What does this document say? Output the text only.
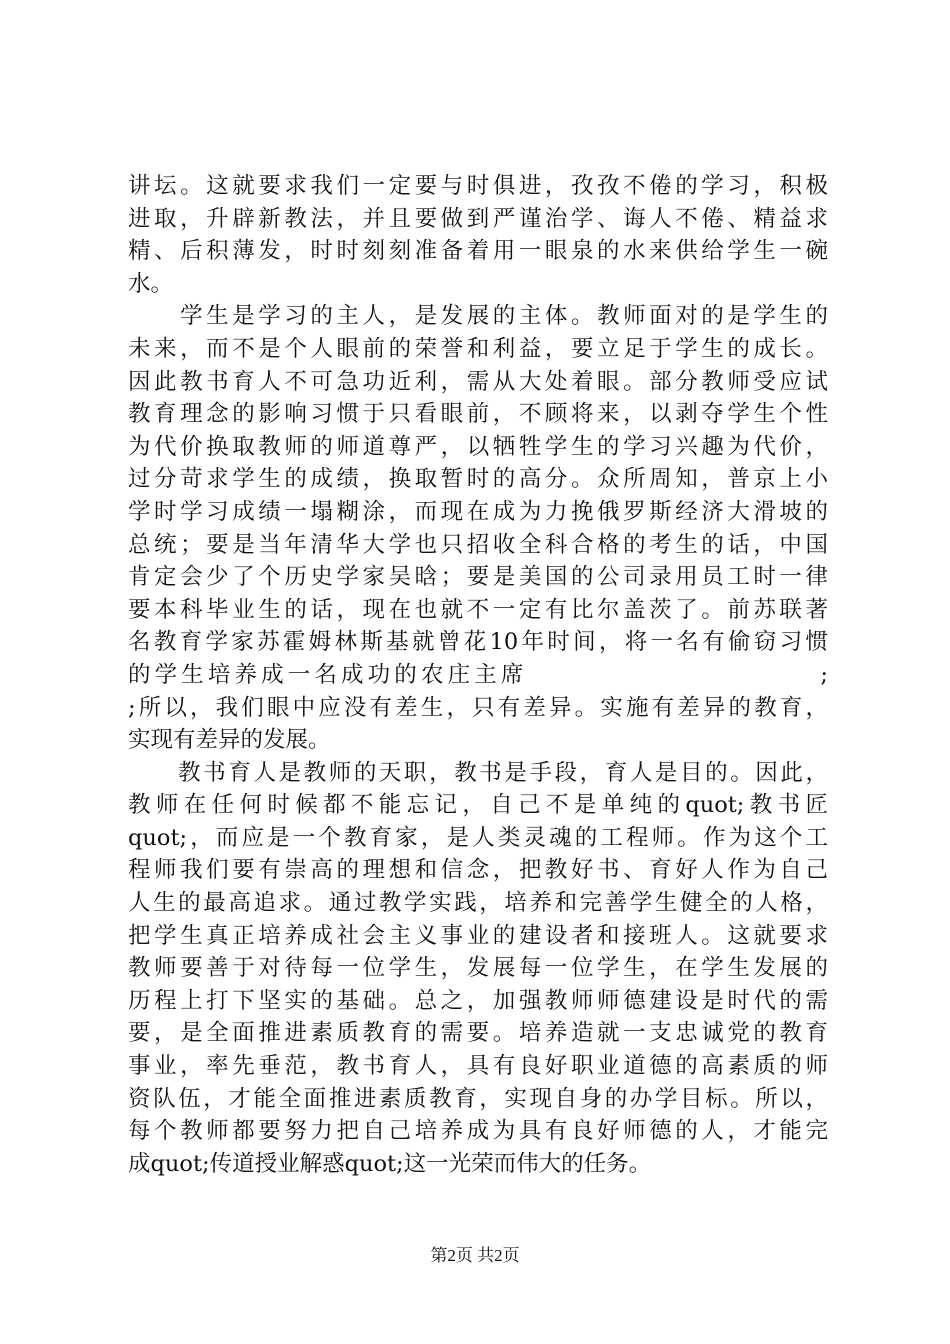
讲坛。这就要求我们一定要与时俱进，孜孜不倦的学习，积极
进取，升辟新教法，并且要做到严谨治学、诲人不倦、精益求
精、后积薄发，时时刻刻准备着用一眼泉的水来供给学生一碗
水。
　　学生是学习的主人，是发展的主体。教师面对的是学生的
未来，而不是个人眼前的荣誉和利益，要立足于学生的成长。
因此教书育人不可急功近利，需从大处着眼。部分教师受应试
教育理念的影响习惯于只看眼前，不顾将来，以剥夺学生个性
为代价换取教师的师道尊严，以牺牲学生的学习兴趣为代价，
过分苛求学生的成绩，换取暂时的高分。众所周知，普京上小
学时学习成绩一塌糊涂，而现在成为力挽俄罗斯经济大滑坡的
总统；要是当年清华大学也只招收全科合格的考生的话，中国
肯定会少了个历史学家吴晗；要是美国的公司录用员工时一律
要本科毕业生的话，现在也就不一定有比尔盖茨了。前苏联著
名教育学家苏霍姆林斯基就曾花10年时间，将一名有偷窃习惯
的学生培养成一名成功的农庄主席　　　　　　　　　　　;
;所以，我们眼中应没有差生，只有差异。实施有差异的教育，
实现有差异的发展。
　　教书育人是教师的天职，教书是手段，育人是目的。因此，
教师在任何时候都不能忘记，自己不是单纯的quot;教书匠
quot;，而应是一个教育家，是人类灵魂的工程师。作为这个工
程师我们要有崇高的理想和信念，把教好书、育好人作为自己
人生的最高追求。通过教学实践，培养和完善学生健全的人格，
把学生真正培养成社会主义事业的建设者和接班人。这就要求
教师要善于对待每一位学生，发展每一位学生，在学生发展的
历程上打下坚实的基础。总之，加强教师师德建设是时代的需
要，是全面推进素质教育的需要。培养造就一支忠诚党的教育
事业，率先垂范，教书育人，具有良好职业道德的高素质的师
资队伍，才能全面推进素质教育，实现自身的办学目标。所以，
每个教师都要努力把自己培养成为具有良好师德的人，才能完
成quot;传道授业解惑quot;这一光荣而伟大的任务。
第2页 共2页
